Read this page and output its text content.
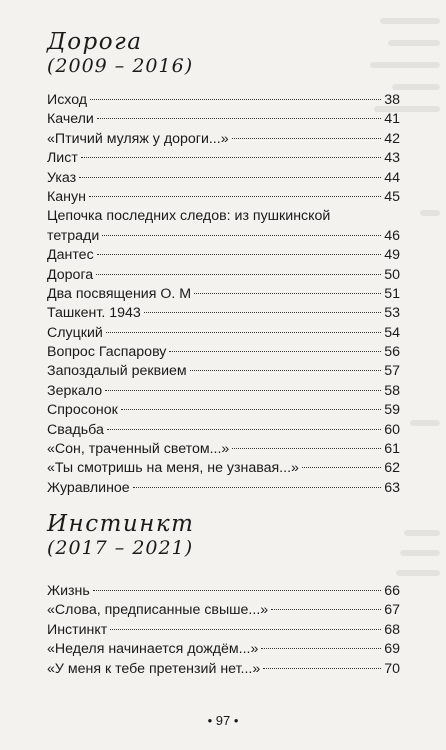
Дорога
(2009 – 2016)
Исход	38
Качели	41
«Птичий муляж у дороги...»	42
Лист	43
Указ	44
Канун	45
Цепочка последних следов: из пушкинской
тетради	46
Дантес	49
Дорога	50
Два посвящения О. М	51
Ташкент. 1943	53
Слуцкий	54
Вопрос Гаспарову	56
Запоздалый реквием	57
Зеркало	58
Спросонок	59
Свадьба	60
«Сон, траченный светом...»	61
«Ты смотришь на меня, не узнавая...»	62
Журавлиное	63
Инстинкт
(2017 – 2021)
Жизнь	66
«Слова, предписанные свыше...»	67
Инстинкт	68
«Неделя начинается дождём...»	69
«У меня к тебе претензий нет...»	70
• 97 •
